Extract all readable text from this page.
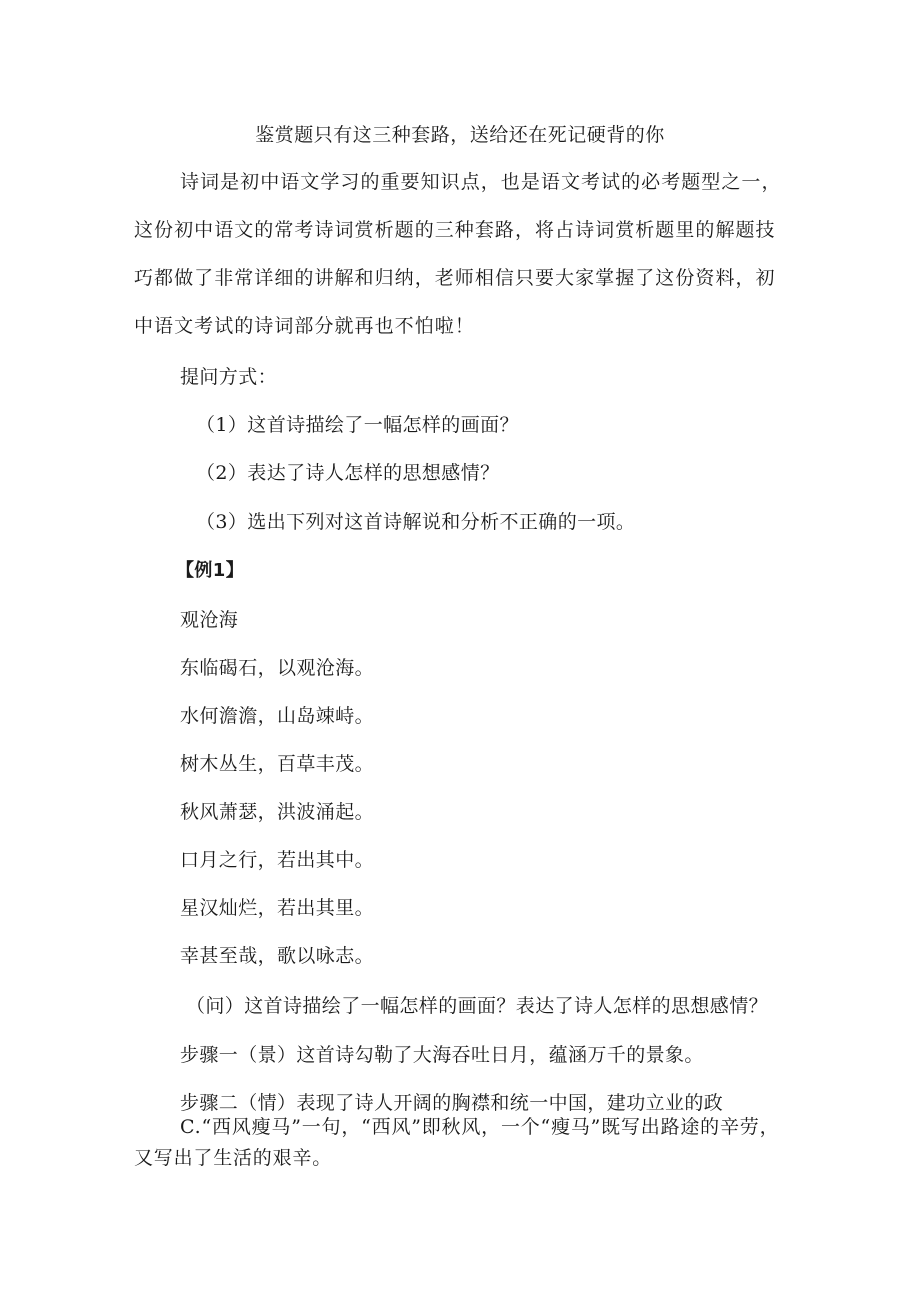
鉴赏题只有这三种套路，送给还在死记硬背的你

诗词是初中语文学习的重要知识点，也是语文考试的必考题型之一，这份初中语文的常考诗词赏析题的三种套路，将占诗词赏析题里的解题技巧都做了非常详细的讲解和归纳，老师相信只要大家掌握了这份资料，初中语文考试的诗词部分就再也不怕啦！

提问方式：
（1）这首诗描绘了一幅怎样的画面？
（2）表达了诗人怎样的思想感情？
（3）选出下列对这首诗解说和分析不正确的一项。
【例1】
观沧海
东临碣石，以观沧海。
水何澹澹，山岛竦峙。
树木丛生，百草丰茂。
秋风萧瑟，洪波涌起。
口月之行，若出其中。
星汉灿烂，若出其里。
幸甚至哉，歌以咏志。
（问）这首诗描绘了一幅怎样的画面？表达了诗人怎样的思想感情？
步骤一（景）这首诗勾勒了大海吞吐日月，蕴涵万千的景象。
步骤二（情）表现了诗人开阔的胸襟和统一中国，建功立业的政

C.“西风瘦马”一句，“西风”即秋风，一个“瘦马”既写出路途的辛劳，又写出了生活的艰辛。
